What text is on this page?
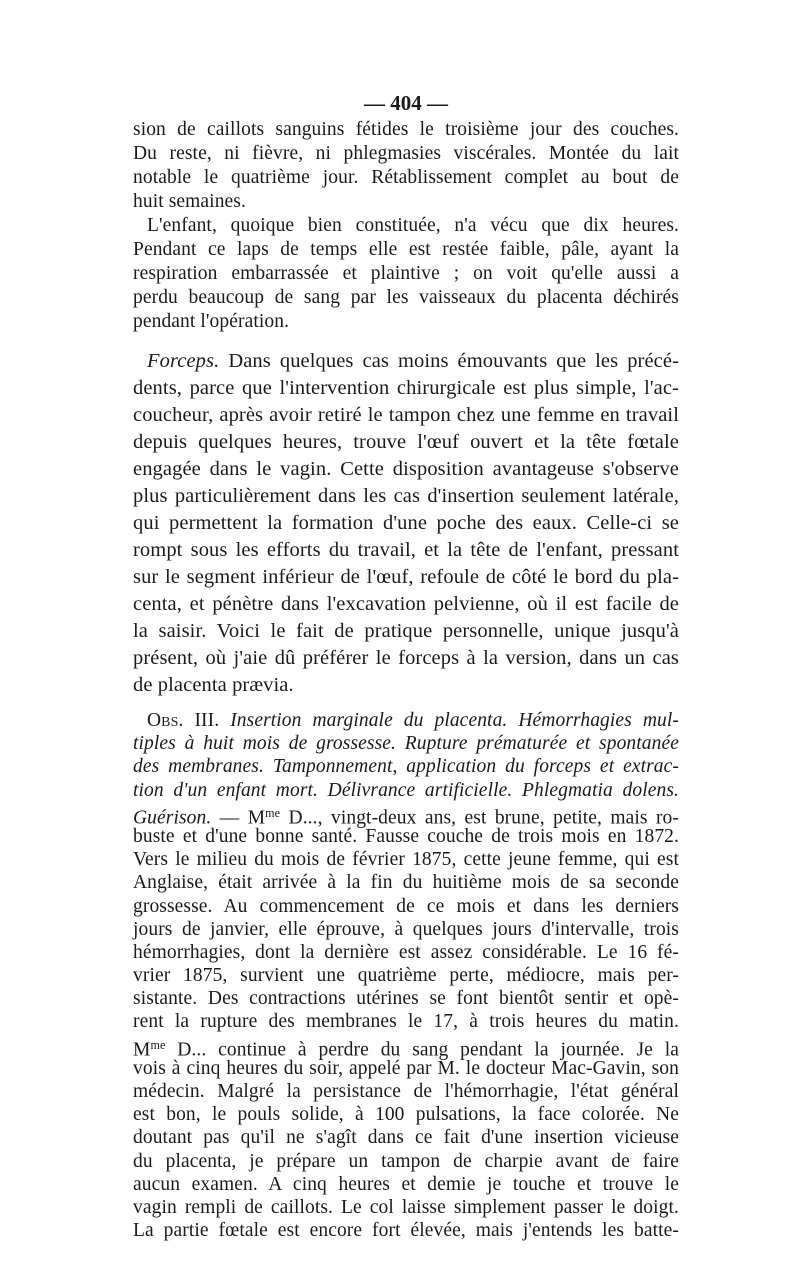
— 404 —
sion de caillots sanguins fétides le troisième jour des couches.
Du reste, ni fièvre, ni phlegmasies viscérales. Montée du lait
notable le quatrième jour. Rétablissement complet au bout de
huit semaines.
L'enfant, quoique bien constituée, n'a vécu que dix heures.
Pendant ce laps de temps elle est restée faible, pâle, ayant la
respiration embarrassée et plaintive ; on voit qu'elle aussi a
perdu beaucoup de sang par les vaisseaux du placenta déchirés
pendant l'opération.
Forceps. Dans quelques cas moins émouvants que les précé-
dents, parce que l'intervention chirurgicale est plus simple, l'ac-
coucheur, après avoir retiré le tampon chez une femme en travail
depuis quelques heures, trouve l'œuf ouvert et la tête fœtale
engagée dans le vagin. Cette disposition avantageuse s'observe
plus particulièrement dans les cas d'insertion seulement latérale,
qui permettent la formation d'une poche des eaux. Celle-ci se
rompt sous les efforts du travail, et la tête de l'enfant, pressant
sur le segment inférieur de l'œuf, refoule de côté le bord du pla-
centa, et pénètre dans l'excavation pelvienne, où il est facile de
la saisir. Voici le fait de pratique personnelle, unique jusqu'à
présent, où j'aie dû préférer le forceps à la version, dans un cas
de placenta prævia.
Obs. III. Insertion marginale du placenta. Hémorrhagies mul-
tiples à huit mois de grossesse. Rupture prématurée et spontanée
des membranes. Tamponnement, application du forceps et extrac-
tion d'un enfant mort. Délivrance artificielle. Phlegmatia dolens.
Guérison. — $M^{me}$ D..., vingt-deux ans, est brune, petite, mais ro-
buste et d'une bonne santé. Fausse couche de trois mois en 1872.
Vers le milieu du mois de février 1875, cette jeune femme, qui est
Anglaise, était arrivée à la fin du huitième mois de sa seconde
grossesse. Au commencement de ce mois et dans les derniers
jours de janvier, elle éprouve, à quelques jours d'intervalle, trois
hémorrhagies, dont la dernière est assez considérable. Le 16 fé-
vrier 1875, survient une quatrième perte, médiocre, mais per-
sistante. Des contractions utérines se font bientôt sentir et opè-
rent la rupture des membranes le 17, à trois heures du matin.
$M^{me}$ D... continue à perdre du sang pendant la journée. Je la
vois à cinq heures du soir, appelé par M. le docteur Mac-Gavin, son
médecin. Malgré la persistance de l'hémorrhagie, l'état général
est bon, le pouls solide, à 100 pulsations, la face colorée. Ne
doutant pas qu'il ne s'agît dans ce fait d'une insertion vicieuse
du placenta, je prépare un tampon de charpie avant de faire
aucun examen. A cinq heures et demie je touche et trouve le
vagin rempli de caillots. Le col laisse simplement passer le doigt.
La partie fœtale est encore fort élevée, mais j'entends les batte-
